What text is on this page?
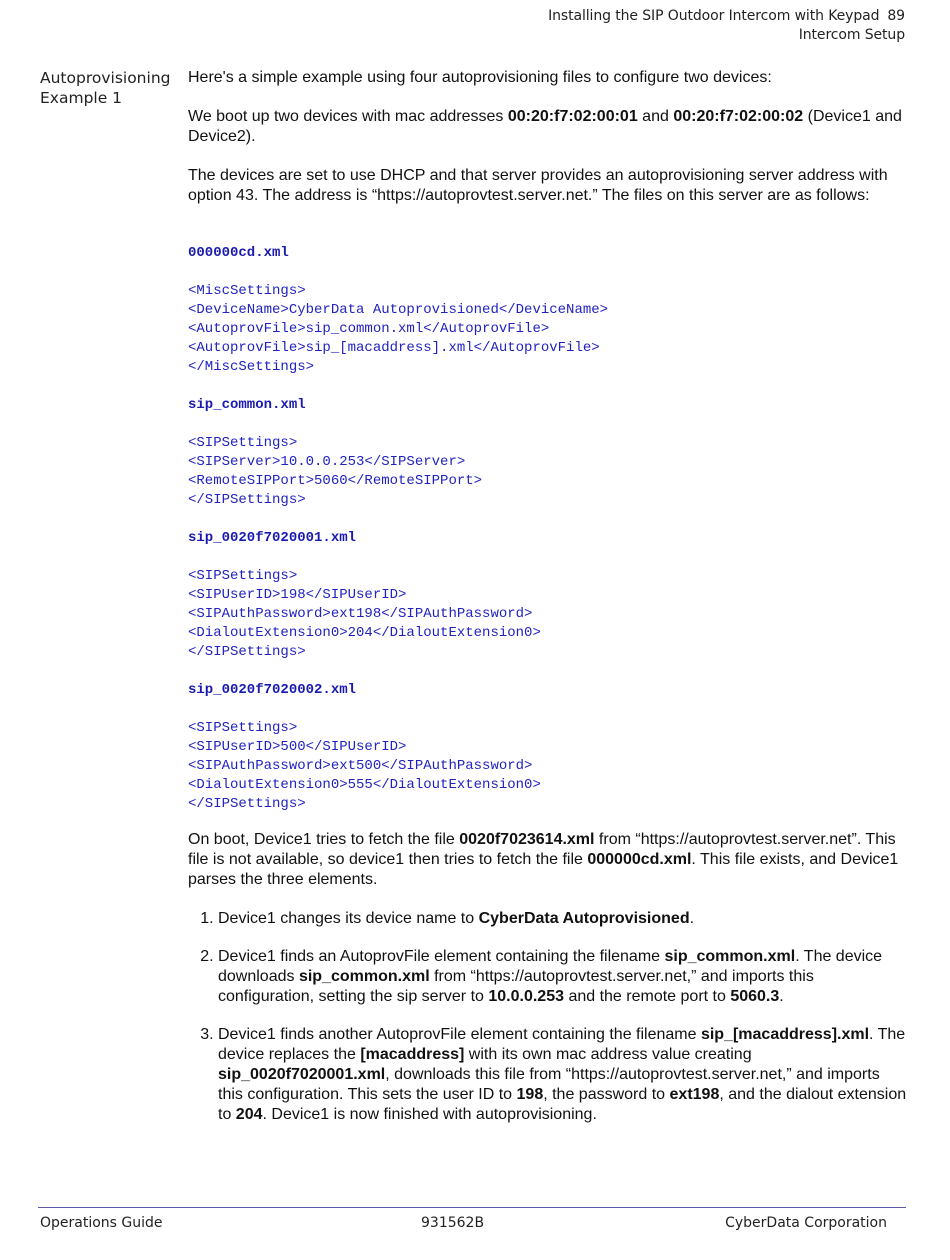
Installing the SIP Outdoor Intercom with Keypad 89
Intercom Setup
Autoprovisioning
Example 1

Here's a simple example using four autoprovisioning files to configure two devices:

We boot up two devices with mac addresses 00:20:f7:02:00:01 and 00:20:f7:02:00:02 (Device1 and Device2).

The devices are set to use DHCP and that server provides an autoprovisioning server address with option 43. The address is “https://autoprovtest.server.net.” The files on this server are as follows:

000000cd.xml
<MiscSettings>
<DeviceName>CyberData Autoprovisioned</DeviceName>
<AutoprovFile>sip_common.xml</AutoprovFile>
<AutoprovFile>sip_[macaddress].xml</AutoprovFile>
</MiscSettings>
sip_common.xml
<SIPSettings>
<SIPServer>10.0.0.253</SIPServer>
<RemoteSIPPort>5060</RemoteSIPPort>
</SIPSettings>
sip_0020f7020001.xml
<SIPSettings>
<SIPUserID>198</SIPUserID>
<SIPAuthPassword>ext198</SIPAuthPassword>
<DialoutExtension0>204</DialoutExtension0>
</SIPSettings>
sip_0020f7020002.xml
<SIPSettings>
<SIPUserID>500</SIPUserID>
<SIPAuthPassword>ext500</SIPAuthPassword>
<DialoutExtension0>555</DialoutExtension0>
</SIPSettings>

On boot, Device1 tries to fetch the file 0020f7023614.xml from “https://autoprovtest.server.net”. This file is not available, so device1 then tries to fetch the file 000000cd.xml. This file exists, and Device1 parses the three elements.

1. Device1 changes its device name to CyberData Autoprovisioned.
2. Device1 finds an AutoprovFile element containing the filename sip_common.xml. The device downloads sip_common.xml from “https://autoprovtest.server.net,” and imports this configuration, setting the sip server to 10.0.0.253 and the remote port to 5060.3.
3. Device1 finds another AutoprovFile element containing the filename sip_[macaddress].xml. The device replaces the [macaddress] with its own mac address value creating sip_0020f7020001.xml, downloads this file from “https://autoprovtest.server.net,” and imports this configuration. This sets the user ID to 198, the password to ext198, and the dialout extension to 204. Device1 is now finished with autoprovisioning.
Operations Guide	931562B	CyberData Corporation
